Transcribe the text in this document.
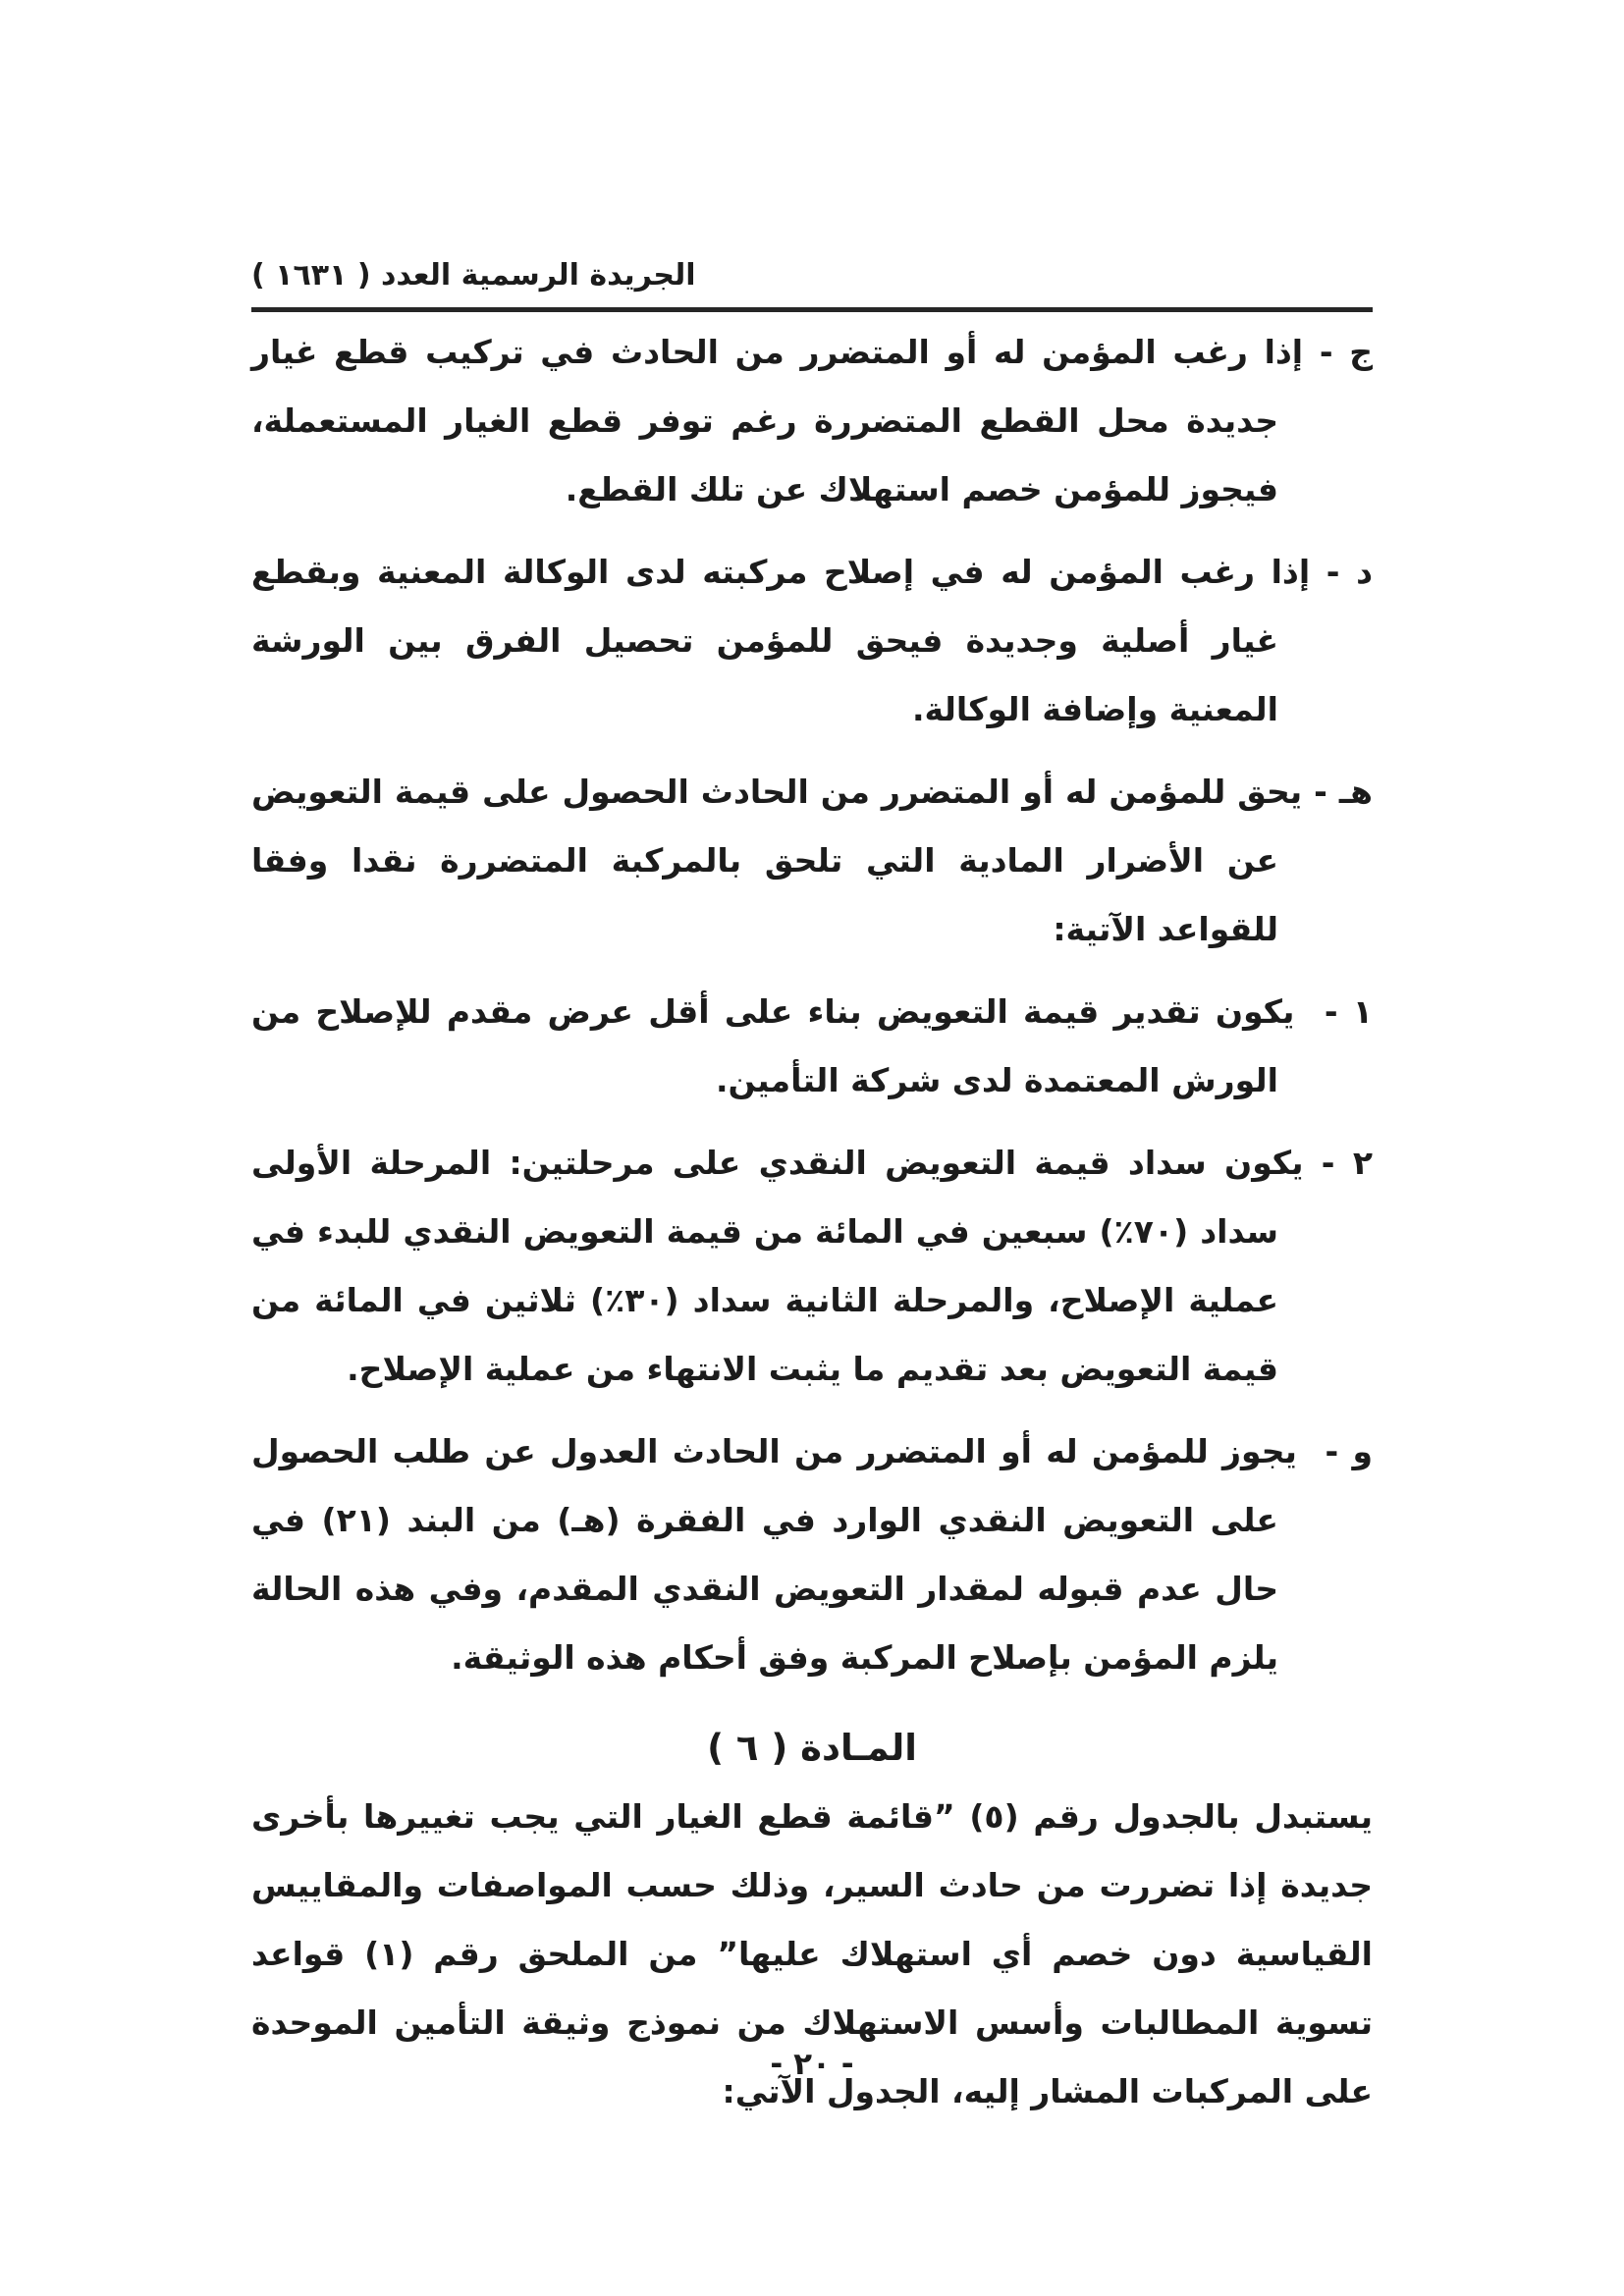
الجريدة الرسمية العدد ( ١٦٣١ )

ج - إذا رغب المؤمن له أو المتضرر من الحادث في تركيب قطع غيار جديدة محل القطع المتضررة رغم توفر قطع الغيار المستعملة، فيجوز للمؤمن خصم استهلاك عن تلك القطع.

د - إذا رغب المؤمن له في إصلاح مركبته لدى الوكالة المعنية وبقطع غيار أصلية وجديدة فيحق للمؤمن تحصيل الفرق بين الورشة المعنية وإضافة الوكالة.

هـ - يحق للمؤمن له أو المتضرر من الحادث الحصول على قيمة التعويض عن الأضرار المادية التي تلحق بالمركبة المتضررة نقدا وفقا للقواعد الآتية:

١ -  يكون تقدير قيمة التعويض بناء على أقل عرض مقدم للإصلاح من الورش المعتمدة لدى شركة التأمين.

٢ - يكون سداد قيمة التعويض النقدي على مرحلتين: المرحلة الأولى سداد (٧٠٪) سبعين في المائة من قيمة التعويض النقدي للبدء في عملية الإصلاح، والمرحلة الثانية سداد (٣٠٪) ثلاثين في المائة من قيمة التعويض بعد تقديم ما يثبت الانتهاء من عملية الإصلاح.

و -  يجوز للمؤمن له أو المتضرر من الحادث العدول عن طلب الحصول على التعويض النقدي الوارد في الفقرة (هـ) من البند (٢١) في حال عدم قبوله لمقدار التعويض النقدي المقدم، وفي هذه الحالة يلزم المؤمن بإصلاح المركبة وفق أحكام هذه الوثيقة.

المـادة ( ٦ )

يستبدل بالجدول رقم (٥) ”قائمة قطع الغيار التي يجب تغييرها بأخرى جديدة إذا تضررت من حادث السير، وذلك حسب المواصفات والمقاييس القياسية دون خصم أي استهلاك عليها” من الملحق رقم (١) قواعد تسوية المطالبات وأسس الاستهلاك من نموذج وثيقة التأمين الموحدة على المركبات المشار إليه، الجدول الآتي:

- ٢٠ -
